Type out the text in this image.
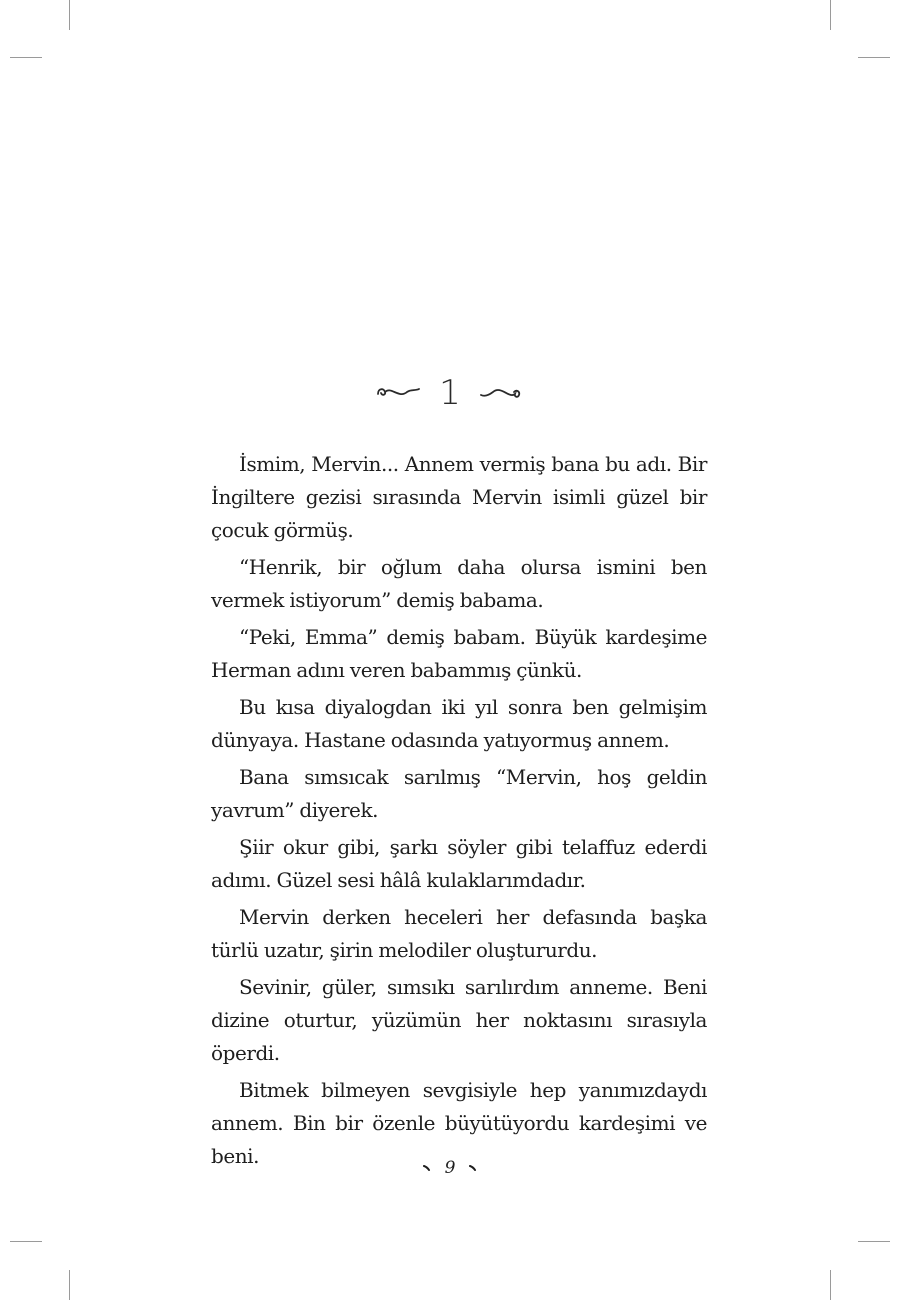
1

İsmim, Mervin... Annem vermiş bana bu adı. Bir İngiltere gezisi sırasında Mervin isimli güzel bir çocuk görmüş.

“Henrik, bir oğlum daha olursa ismini ben vermek istiyorum” demiş babama.

“Peki, Emma” demiş babam. Büyük kardeşime Herman adını veren babammış çünkü.

Bu kısa diyalogdan iki yıl sonra ben gelmişim dünyaya. Hastane odasında yatıyormuş annem.

Bana sımsıcak sarılmış “Mervin, hoş geldin yavrum” diyerek.

Şiir okur gibi, şarkı söyler gibi telaffuz ederdi adımı. Güzel sesi hâlâ kulaklarımdadır.

Mervin derken heceleri her defasında başka türlü uzatır, şirin melodiler oluştururdu.

Sevinir, güler, sımsıkı sarılırdım anneme. Beni dizine oturtur, yüzümün her noktasını sırasıyla öperdi.

Bitmek bilmeyen sevgisiyle hep yanımızdaydı annem. Bin bir özenle büyütüyordu kardeşimi ve beni.	9
